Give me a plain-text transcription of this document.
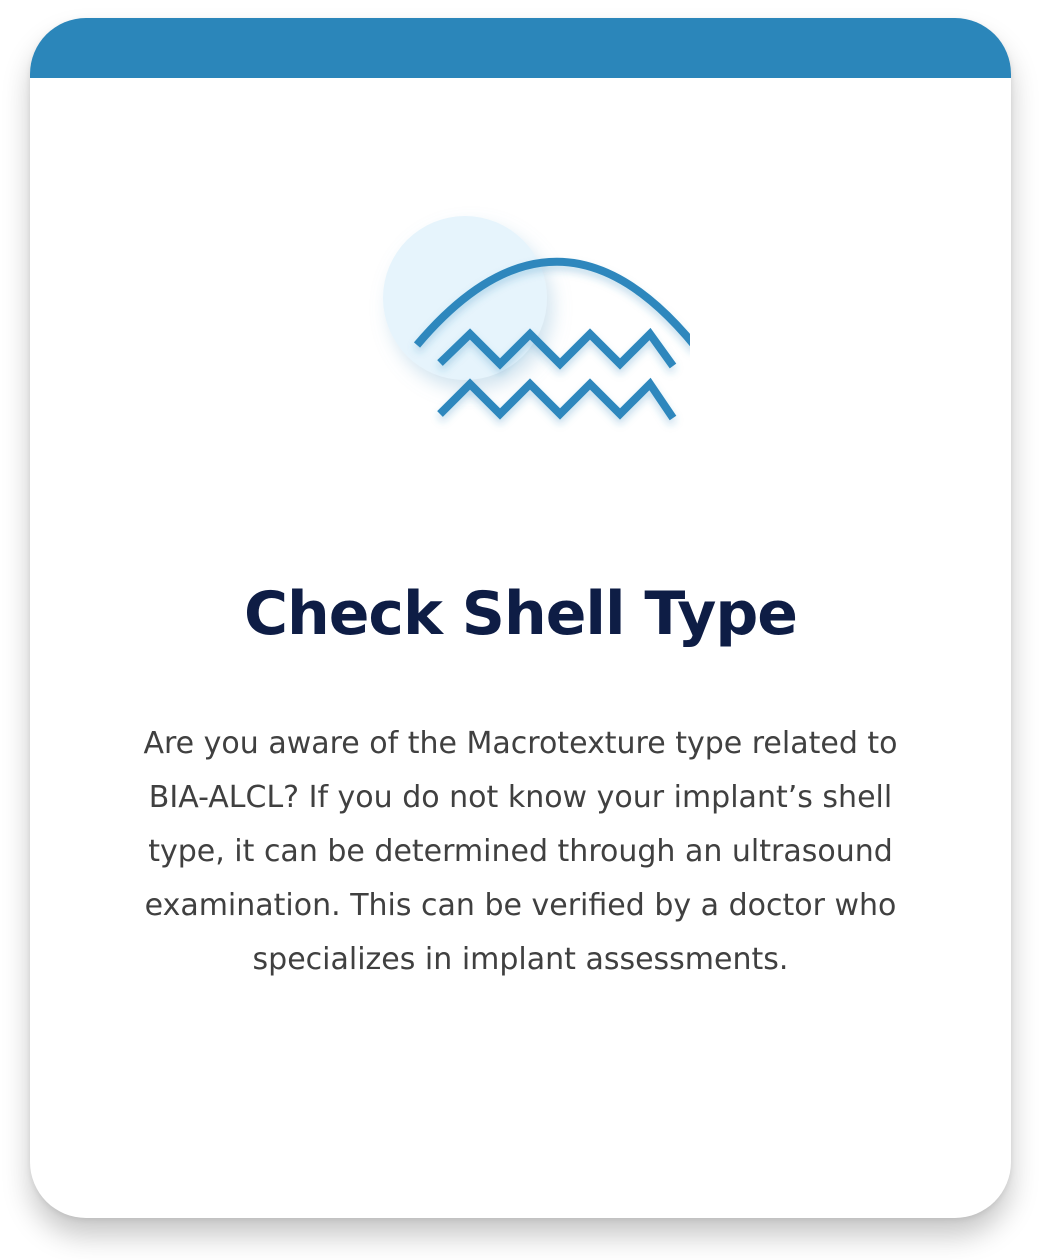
Check Shell Type

Are you aware of the Macrotexture type related to BIA-ALCL? If you do not know your implant’s shell type, it can be determined through an ultrasound examination. This can be verified by a doctor who specializes in implant assessments.
